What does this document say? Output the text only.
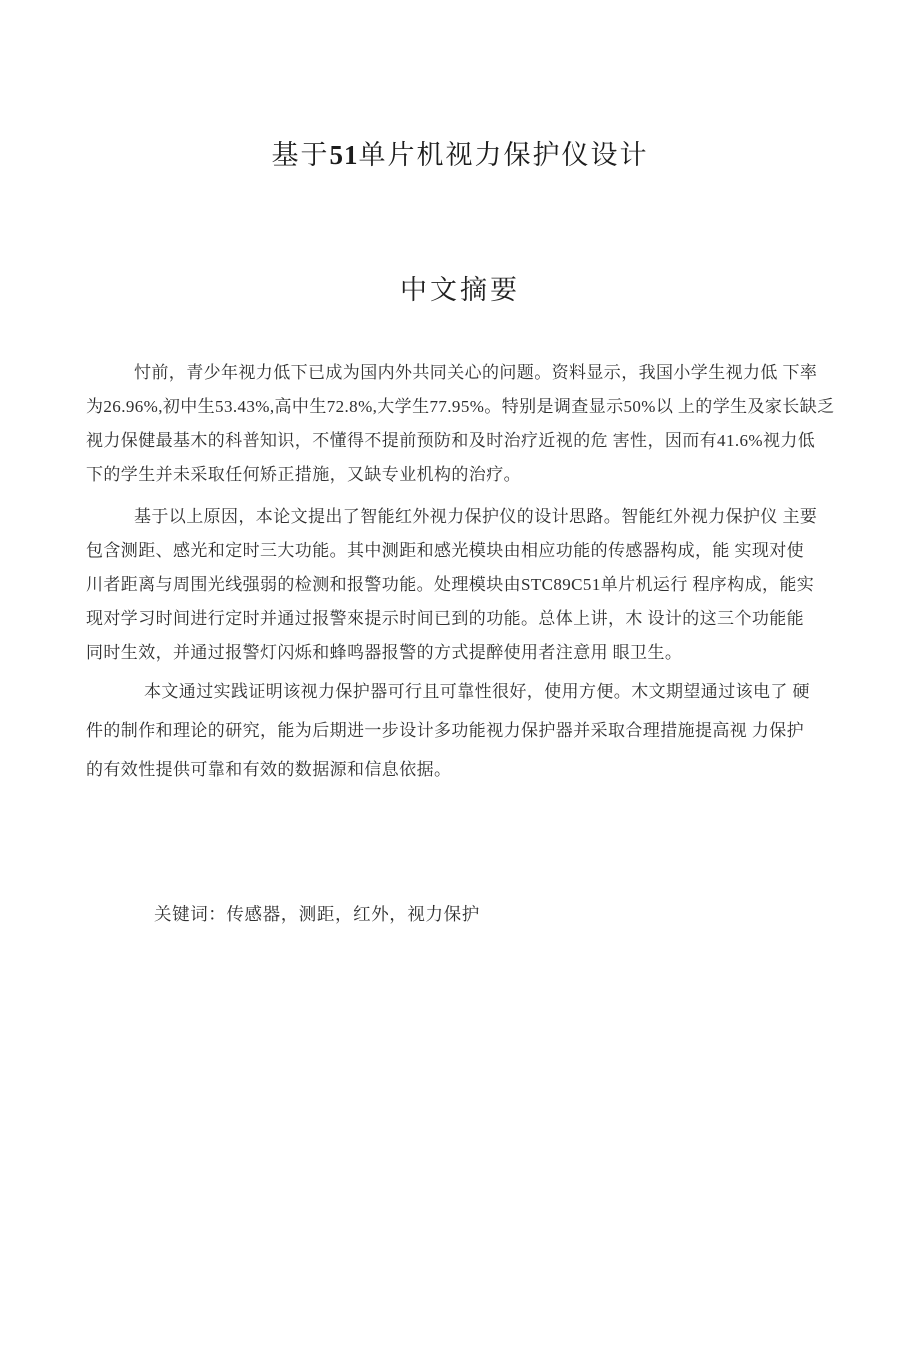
基于51单片机视力保护仪设计
中文摘要
忖前，青少年视力低下已成为国内外共同关心的问题。资料显示，我国小学生视力低 下率
为26.96%,初中生53.43%,高中生72.8%,大学生77.95%。特别是调查显示50%以 上的学生及家长缺乏
视力保健最基木的科普知识，不懂得不提前预防和及时治疗近视的危 害性，因而有41.6%视力低
下的学生并未采取任何矫正措施，又缺专业机构的治疗。
基于以上原因，本论文提出了智能红外视力保护仪的设计思路。智能红外视力保护仪 主要
包含测距、感光和定时三大功能。其中测距和感光模块由相应功能的传感器构成，能 实现对使
川者距离与周围光线强弱的检测和报警功能。处理模块由STC89C51单片机运行 程序构成，能实
现对学习时间进行定时并通过报警來提示时间已到的功能。总体上讲，木 设计的这三个功能能
同时生效，并通过报警灯闪烁和蜂鸣器报警的方式提醉使用者注意用 眼卫生。
本文通过实践证明该视力保护器可行且可靠性很好，使用方便。木文期望通过该电了 硬
件的制作和理论的研究，能为后期进一步设计多功能视力保护器并采取合理措施提高视 力保护
的有效性提供可靠和有效的数据源和信息依据。
关键词：传感器，测距，红外，视力保护
